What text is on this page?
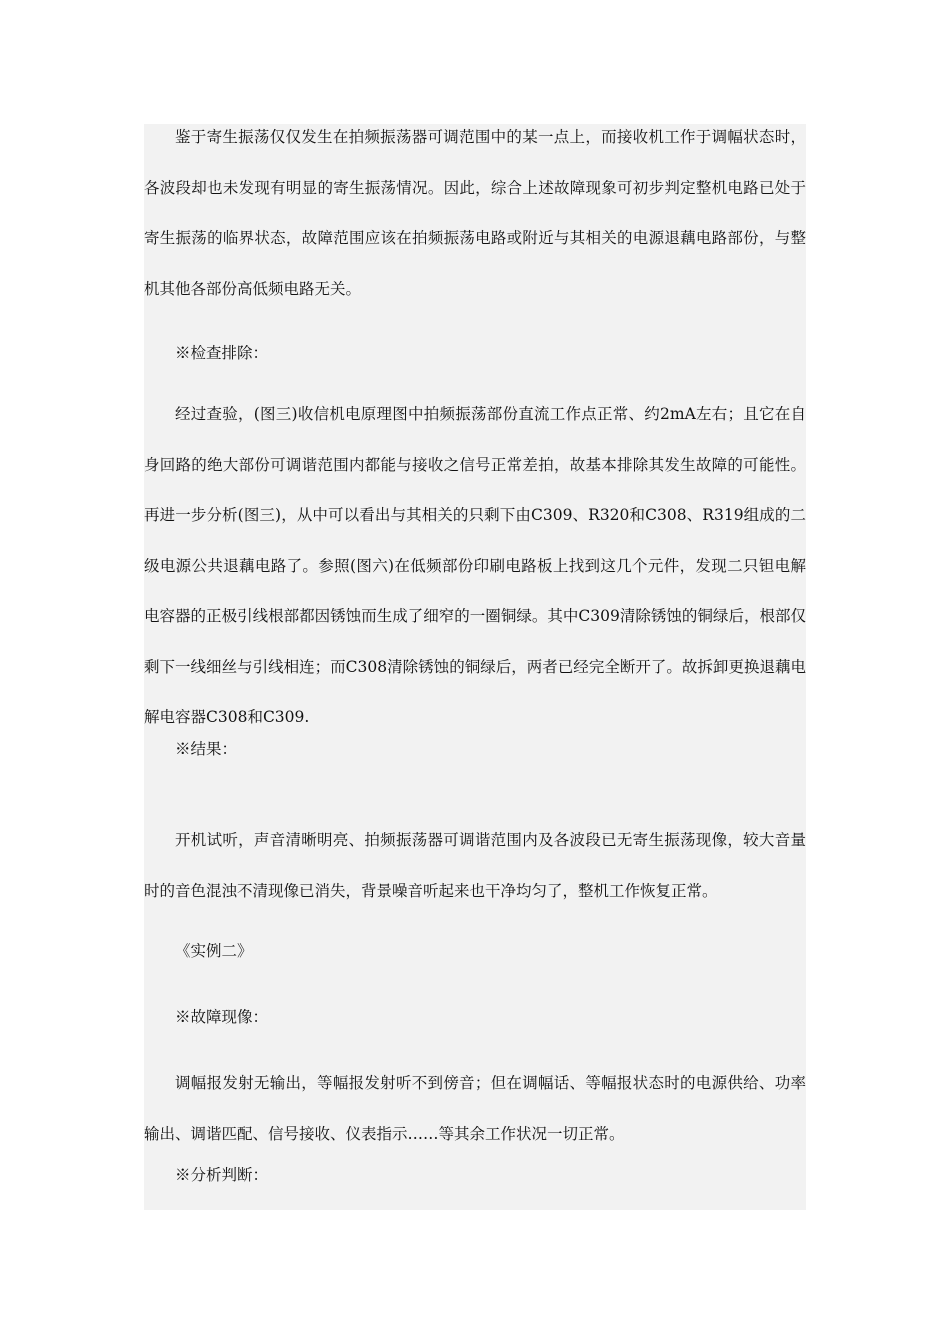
鉴于寄生振荡仅仅发生在拍频振荡器可调范围中的某一点上，而接收机工作于调幅状态时，各波段却也未发现有明显的寄生振荡情况。因此，综合上述故障现象可初步判定整机电路已处于寄生振荡的临界状态，故障范围应该在拍频振荡电路或附近与其相关的电源退藕电路部份，与整机其他各部份高低频电路无关。

※检查排除：

经过查验，(图三)收信机电原理图中拍频振荡部份直流工作点正常、约2mA左右；且它在自身回路的绝大部份可调谐范围内都能与接收之信号正常差拍，故基本排除其发生故障的可能性。再进一步分析(图三)，从中可以看出与其相关的只剩下由C309、R320和C308、R319组成的二级电源公共退藕电路了。参照(图六)在低频部份印刷电路板上找到这几个元件，发现二只钽电解电容器的正极引线根部都因锈蚀而生成了细窄的一圈铜绿。其中C309清除锈蚀的铜绿后，根部仅剩下一线细丝与引线相连；而C308清除锈蚀的铜绿后，两者已经完全断开了。故拆卸更换退藕电解电容器C308和C309.

※结果：

开机试听，声音清晰明亮、拍频振荡器可调谐范围内及各波段已无寄生振荡现像，较大音量时的音色混浊不清现像已消失，背景噪音听起来也干净均匀了，整机工作恢复正常。

《实例二》

※故障现像：

调幅报发射无输出，等幅报发射听不到傍音；但在调幅话、等幅报状态时的电源供给、功率输出、调谐匹配、信号接收、仪表指示……等其余工作状况一切正常。

※分析判断：
